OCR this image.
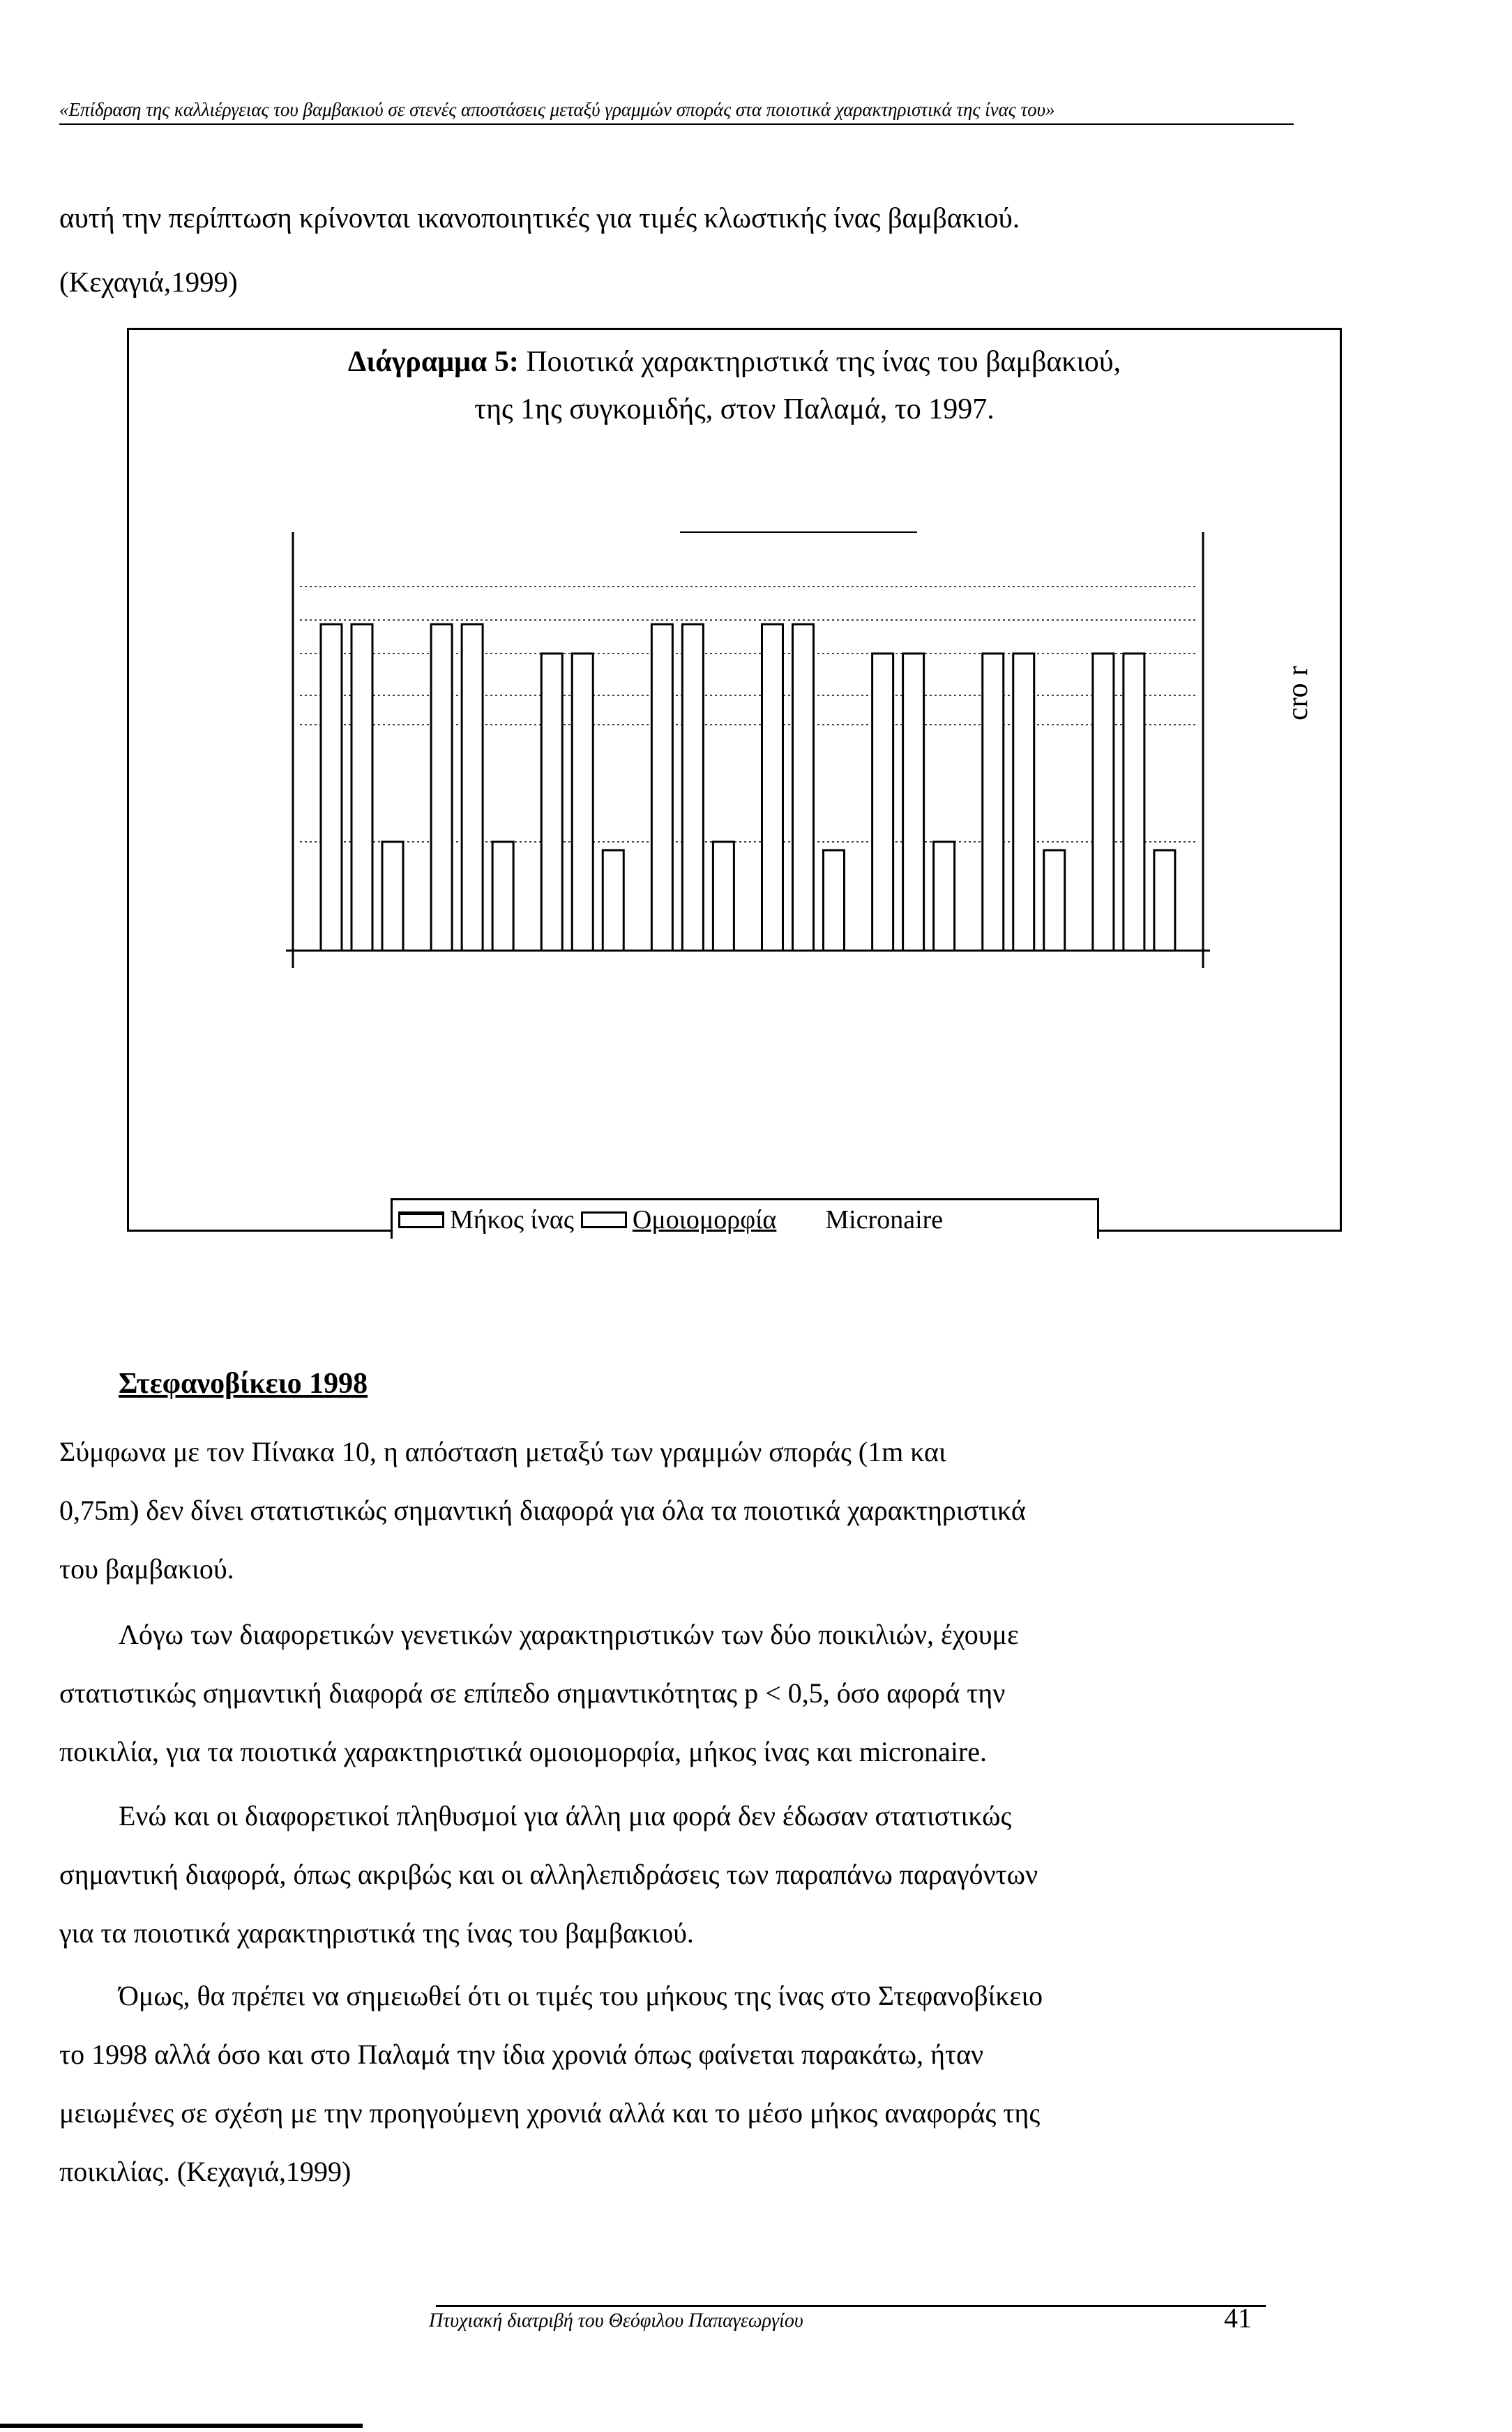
«Επίδραση της καλλιέργειας του βαμβακιού σε στενές αποστάσεις μεταξύ γραμμών σποράς στα ποιοτικά χαρακτηριστικά της ίνας του»
αυτή την περίπτωση κρίνονται ικανοποιητικές για τιμές κλωστικής ίνας βαμβακιού.
(Κεχαγιά,1999)
Διάγραμμα 5: Ποιοτικά χαρακτηριστικά της ίνας του βαμβακιού,
της 1ης συγκομιδής, στον Παλαμά, το 1997.
cro r
Μήκος ίνας Ομοιομορφία Micronaire
Στεφανοβίκειο 1998
Σύμφωνα με τον Πίνακα 10, η απόσταση μεταξύ των γραμμών σποράς (1m και
0,75m) δεν δίνει στατιστικώς σημαντική διαφορά για όλα τα ποιοτικά χαρακτηριστικά
του βαμβακιού.
Λόγω των διαφορετικών γενετικών χαρακτηριστικών των δύο ποικιλιών, έχουμε
στατιστικώς σημαντική διαφορά σε επίπεδο σημαντικότητας p < 0,5, όσο αφορά την
ποικιλία, για τα ποιοτικά χαρακτηριστικά ομοιομορφία, μήκος ίνας και micronaire.
Ενώ και οι διαφορετικοί πληθυσμοί για άλλη μια φορά δεν έδωσαν στατιστικώς
σημαντική διαφορά, όπως ακριβώς και οι αλληλεπιδράσεις των παραπάνω παραγόντων
για τα ποιοτικά χαρακτηριστικά της ίνας του βαμβακιού.
Όμως, θα πρέπει να σημειωθεί ότι οι τιμές του μήκους της ίνας στο Στεφανοβίκειο
το 1998 αλλά όσο και στο Παλαμά την ίδια χρονιά όπως φαίνεται παρακάτω, ήταν
μειωμένες σε σχέση με την προηγούμενη χρονιά αλλά και το μέσο μήκος αναφοράς της
ποικιλίας. (Κεχαγιά,1999)
Πτυχιακή διατριβή του Θεόφιλου Παπαγεωργίου	41
